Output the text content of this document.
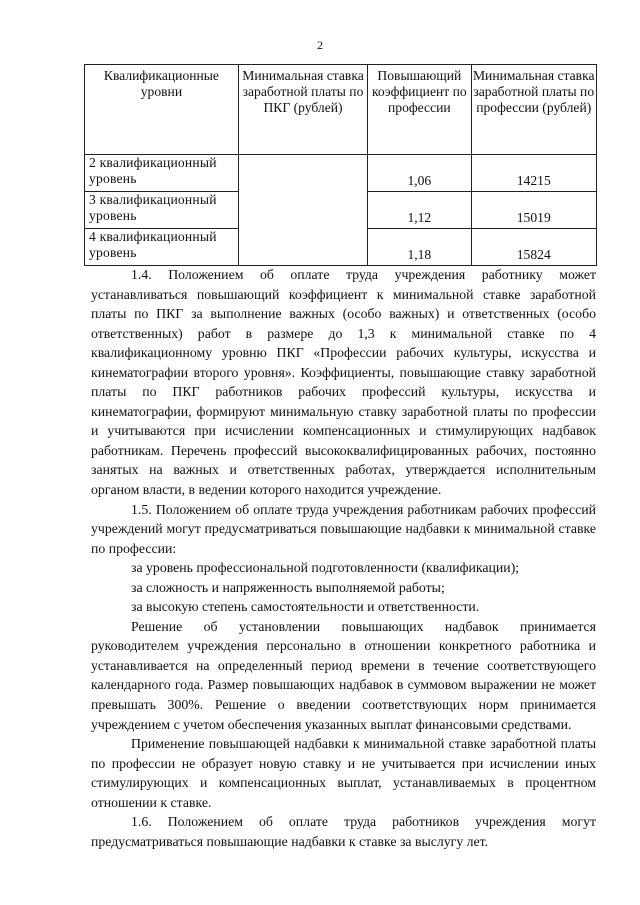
2
Квалификационные уровни	Минимальная ставка заработной платы по ПКГ (рублей)	Повышающий коэффициент по профессии	Минимальная ставка заработной платы по профессии (рублей)
2 квалификационный уровень		1,06	14215
3 квалификационный уровень		1,12	15019
4 квалификационный уровень		1,18	15824

1.4. Положением об оплате труда учреждения работнику может устанавливаться повышающий коэффициент к минимальной ставке заработной платы по ПКГ за выполнение важных (особо важных) и ответственных (особо ответственных) работ в размере до 1,3 к минимальной ставке по 4 квалификационному уровню ПКГ «Профессии рабочих культуры, искусства и кинематографии второго уровня». Коэффициенты, повышающие ставку заработной платы по ПКГ работников рабочих профессий культуры, искусства и кинематографии, формируют минимальную ставку заработной платы по профессии и учитываются при исчислении компенсационных и стимулирующих надбавок работникам. Перечень профессий высококвалифицированных рабочих, постоянно занятых на важных и ответственных работах, утверждается исполнительным органом власти, в ведении которого находится учреждение.

1.5. Положением об оплате труда учреждения работникам рабочих профессий учреждений могут предусматриваться повышающие надбавки к минимальной ставке по профессии:

за уровень профессиональной подготовленности (квалификации);

за сложность и напряженность выполняемой работы;

за высокую степень самостоятельности и ответственности.

Решение об установлении повышающих надбавок принимается руководителем учреждения персонально в отношении конкретного работника и устанавливается на определенный период времени в течение соответствующего календарного года. Размер повышающих надбавок в суммовом выражении не может превышать 300%. Решение о введении соответствующих норм принимается учреждением с учетом обеспечения указанных выплат финансовыми средствами.

Применение повышающей надбавки к минимальной ставке заработной платы по профессии не образует новую ставку и не учитывается при исчислении иных стимулирующих и компенсационных выплат, устанавливаемых в процентном отношении к ставке.

1.6. Положением об оплате труда работников учреждения могут предусматриваться повышающие надбавки к ставке за выслугу лет.
